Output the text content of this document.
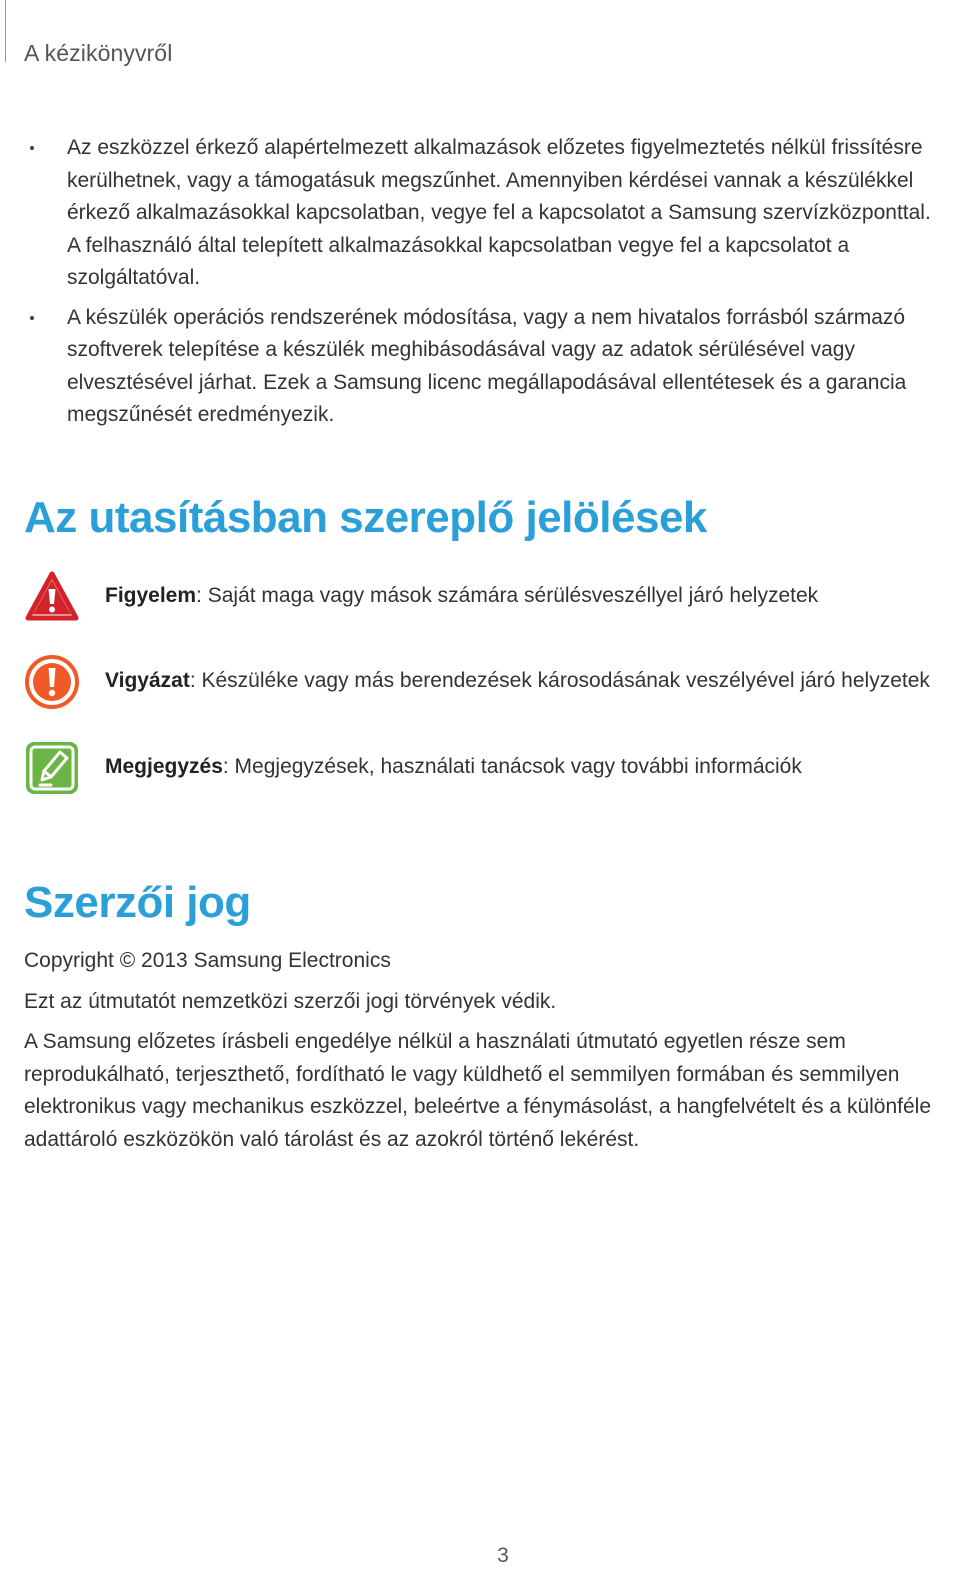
A kézikönyvről
Az eszközzel érkező alapértelmezett alkalmazások előzetes figyelmeztetés nélkül frissítésre kerülhetnek, vagy a támogatásuk megszűnhet. Amennyiben kérdései vannak a készülékkel érkező alkalmazásokkal kapcsolatban, vegye fel a kapcsolatot a Samsung szervízközponttal. A felhasználó által telepített alkalmazásokkal kapcsolatban vegye fel a kapcsolatot a szolgáltatóval.
A készülék operációs rendszerének módosítása, vagy a nem hivatalos forrásból származó szoftverek telepítése a készülék meghibásodásával vagy az adatok sérülésével vagy elvesztésével járhat. Ezek a Samsung licenc megállapodásával ellentétesek és a garancia megszűnését eredményezik.
Az utasításban szereplő jelölések
Figyelem: Saját maga vagy mások számára sérülésveszéllyel járó helyzetek
Vigyázat: Készüléke vagy más berendezések károsodásának veszélyével járó helyzetek
Megjegyzés: Megjegyzések, használati tanácsok vagy további információk
Szerzői jog

Copyright © 2013 Samsung Electronics

Ezt az útmutatót nemzetközi szerzői jogi törvények védik.

A Samsung előzetes írásbeli engedélye nélkül a használati útmutató egyetlen része sem reprodukálható, terjeszthető, fordítható le vagy küldhető el semmilyen formában és semmilyen elektronikus vagy mechanikus eszközzel, beleértve a fénymásolást, a hangfelvételt és a különféle adattároló eszközökön való tárolást és az azokról történő lekérést.

3
